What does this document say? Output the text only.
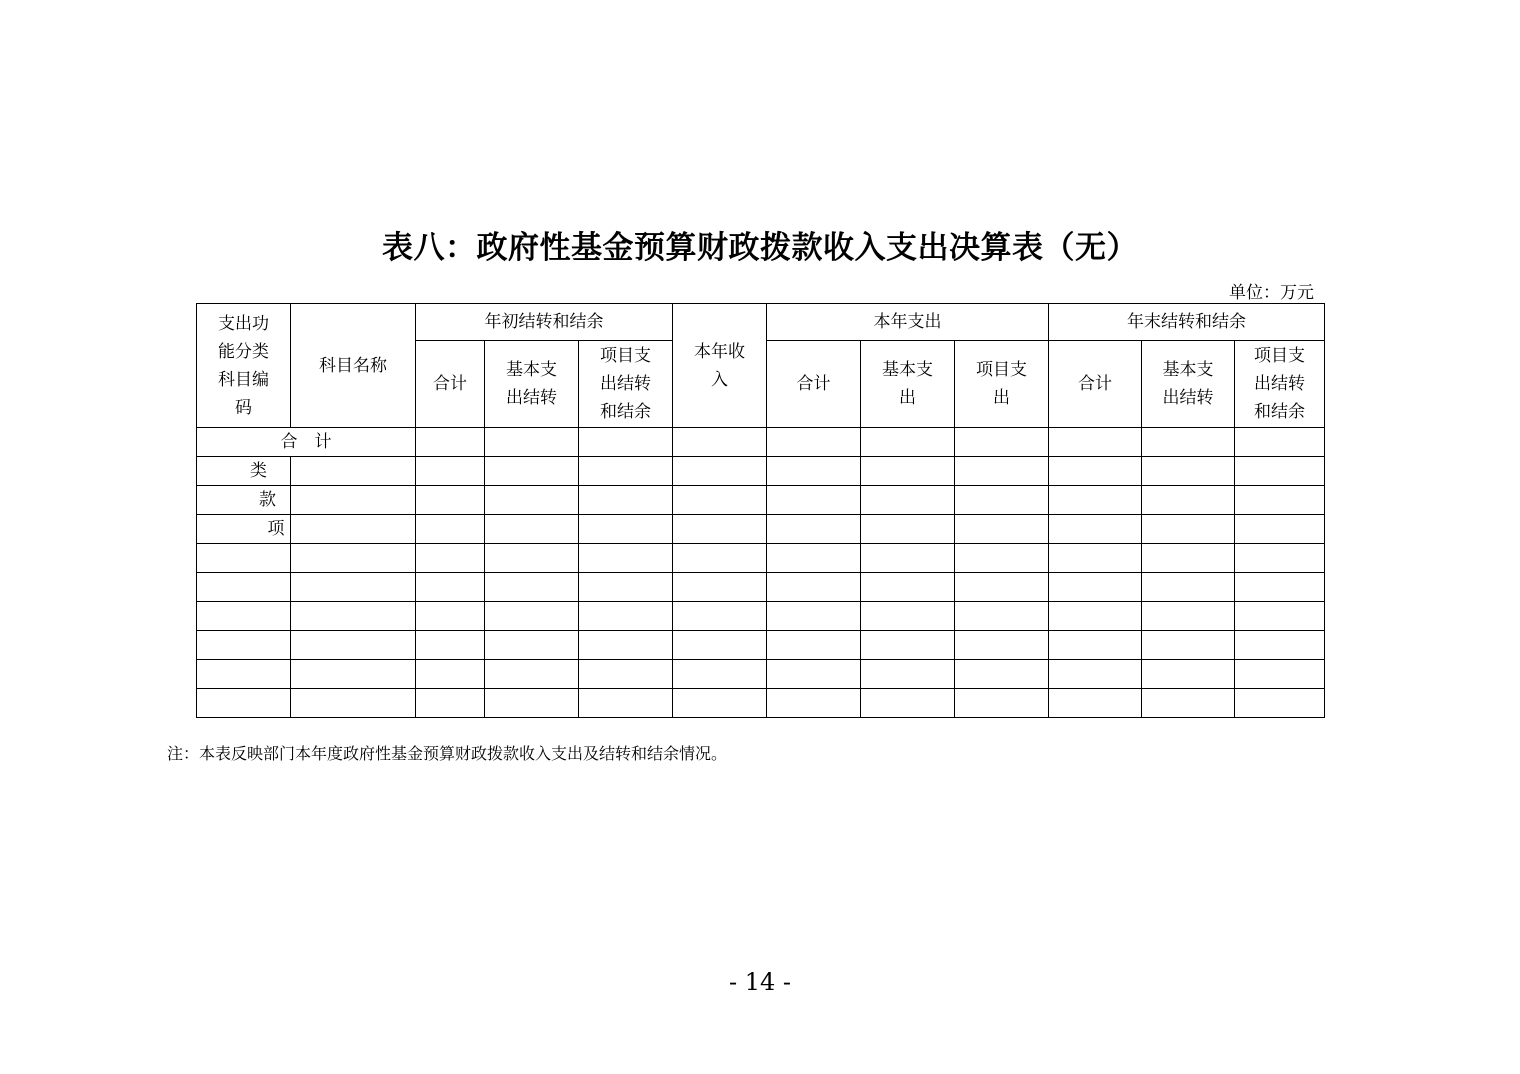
表八：政府性基金预算财政拨款收入支出决算表（无）
单位：万元
支出功能分类科目编码	科目名称	年初结转和结余			本年收入	本年支出			年末结转和结余		
		合计	基本支出结转	项目支出结转和结余		合计	基本支出	项目支出	合计	基本支出结转	项目支出结转和结余
合　计											
类											
款											
项											

注：本表反映部门本年度政府性基金预算财政拨款收入支出及结转和结余情况。
- 14 -
